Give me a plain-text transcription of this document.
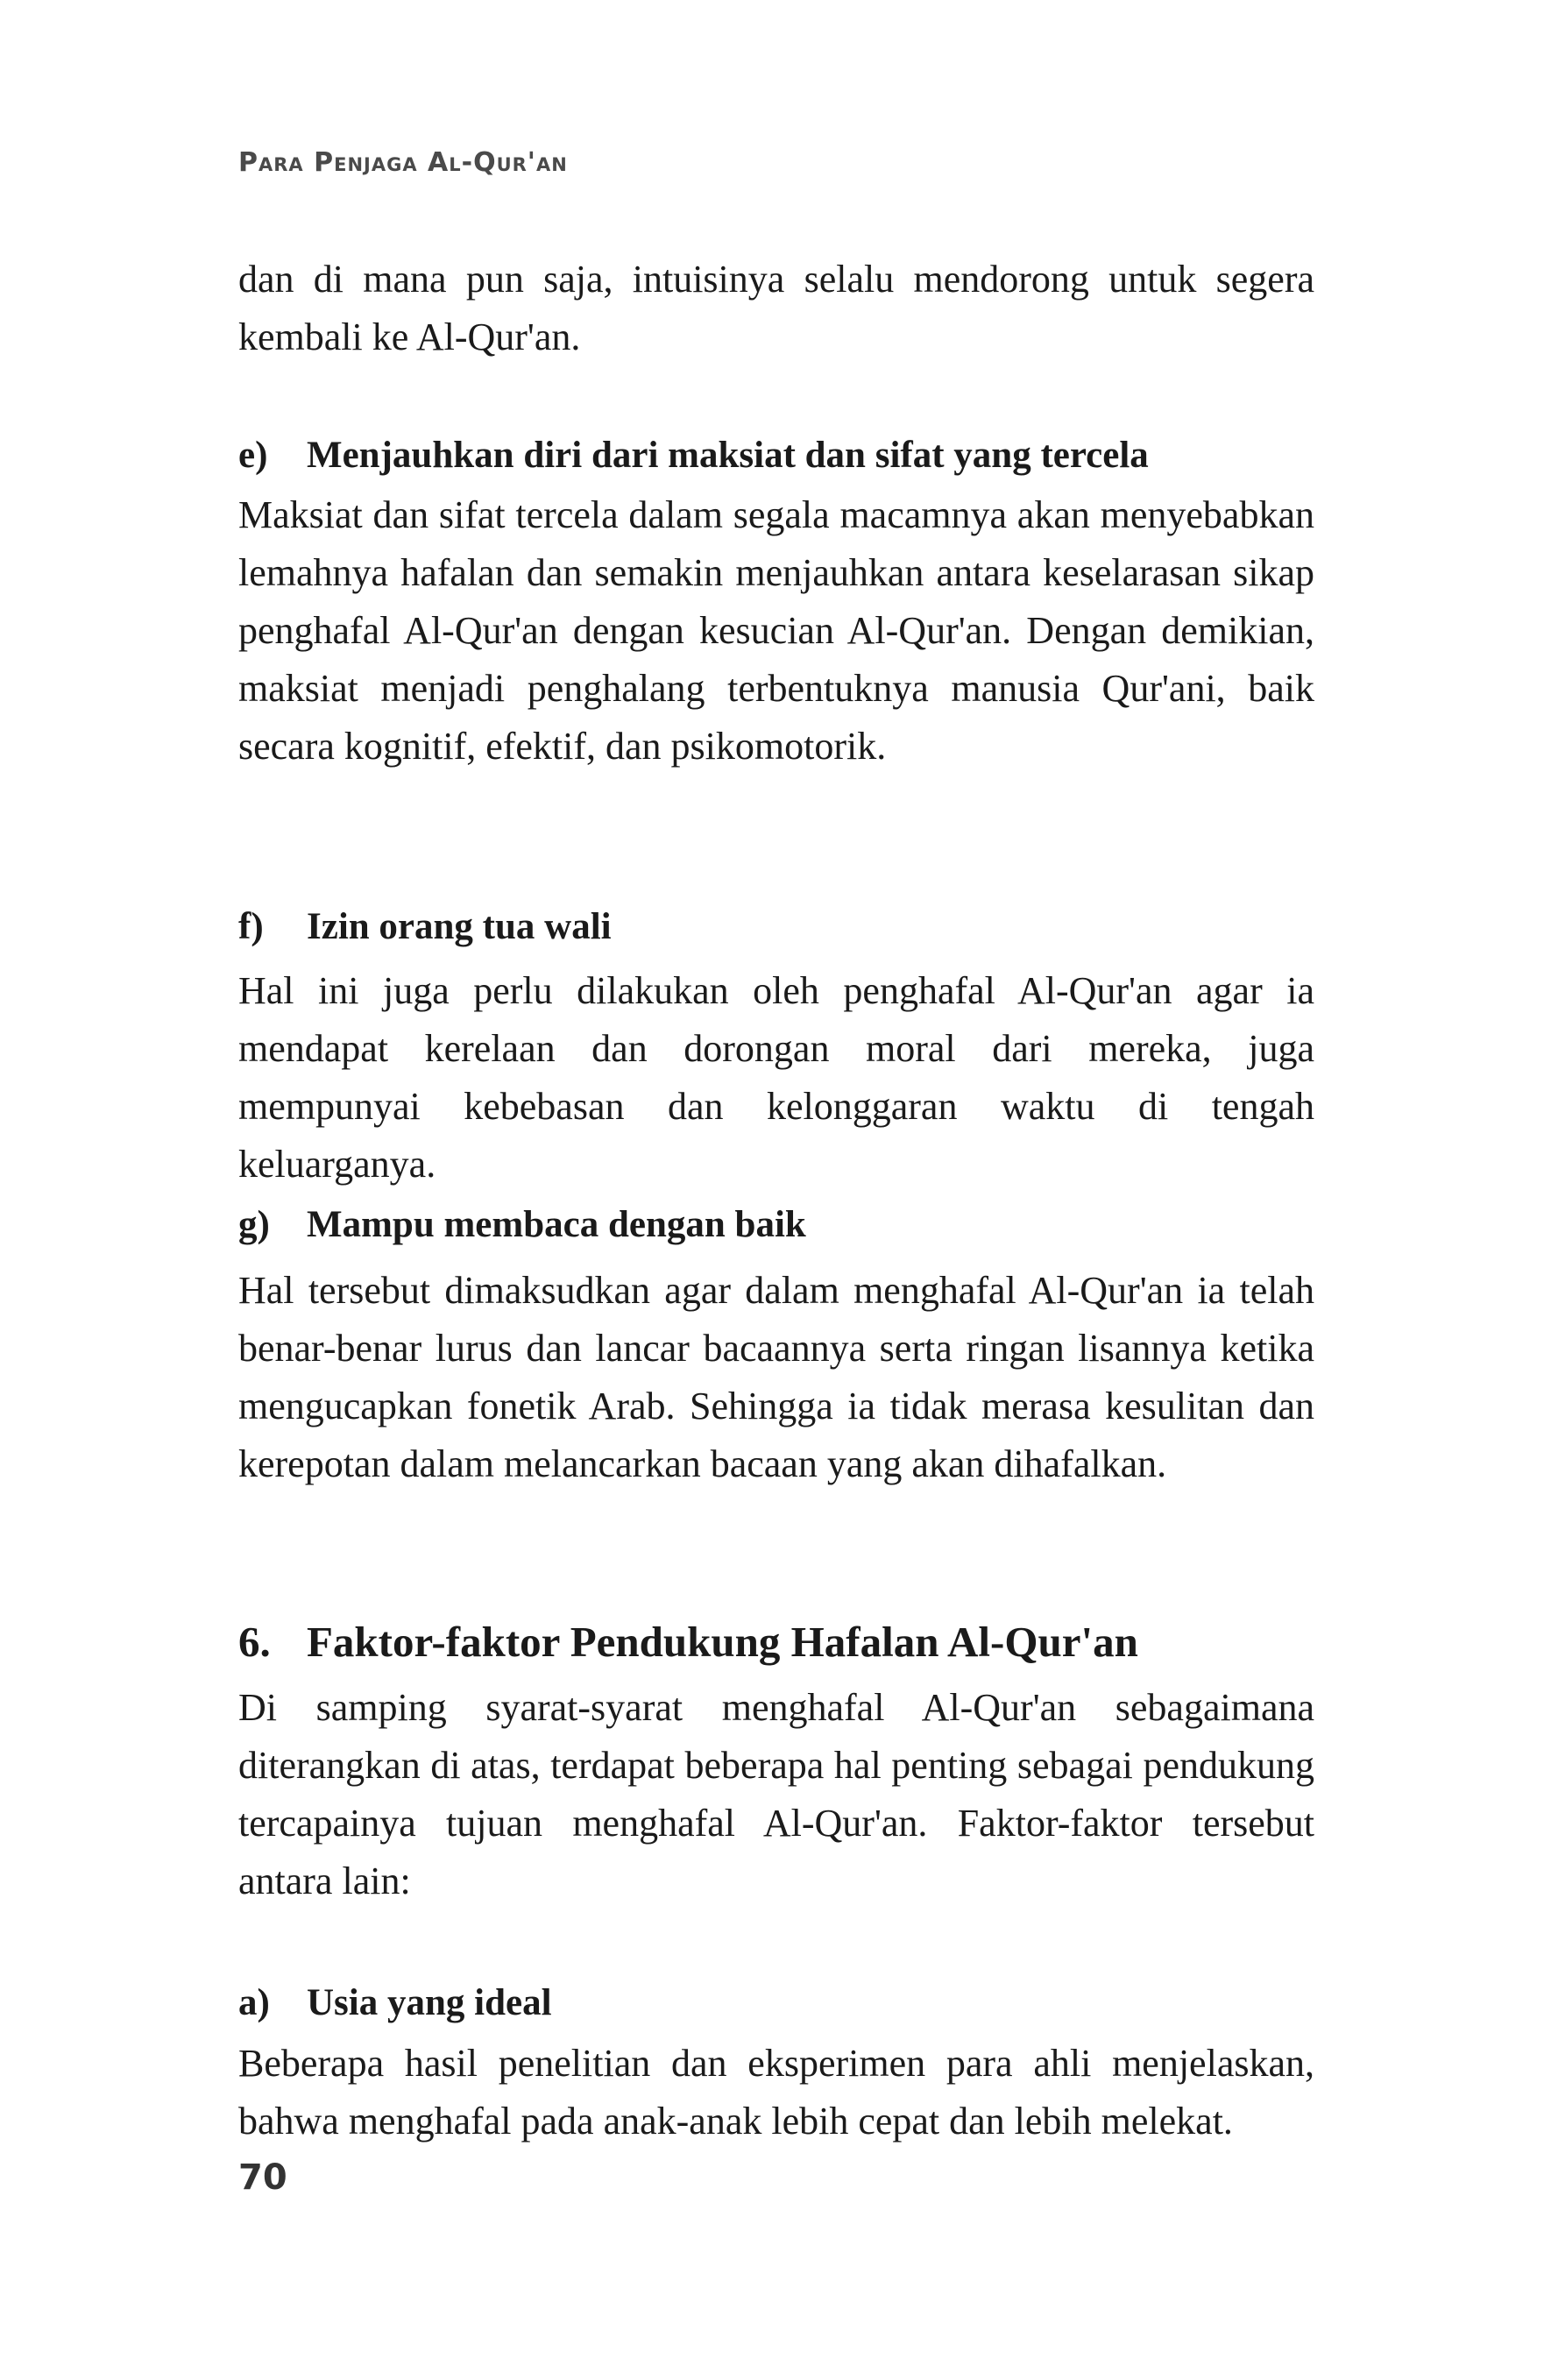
Para Penjaga Al-Qur'an

dan di mana pun saja, intuisinya selalu mendorong untuk segera kembali ke Al-Qur'an.

e) Menjauhkan diri dari maksiat dan sifat yang tercela

Maksiat dan sifat tercela dalam segala macamnya akan menyebabkan lemahnya hafalan dan semakin menjauhkan antara keselarasan sikap penghafal Al-Qur'an dengan kesucian Al-Qur'an. Dengan demikian, maksiat menjadi penghalang terbentuknya manusia Qur'ani, baik secara kognitif, efektif, dan psikomotorik.

f) Izin orang tua wali

Hal ini juga perlu dilakukan oleh penghafal Al-Qur'an agar ia mendapat kerelaan dan dorongan moral dari mereka, juga mempunyai kebebasan dan kelonggaran waktu di tengah keluarganya.

g) Mampu membaca dengan baik

Hal tersebut dimaksudkan agar dalam menghafal Al-Qur'an ia telah benar-benar lurus dan lancar bacaannya serta ringan lisannya ketika mengucapkan fonetik Arab. Sehingga ia tidak merasa kesulitan dan kerepotan dalam melancarkan bacaan yang akan dihafalkan.

6. Faktor-faktor Pendukung Hafalan Al-Qur'an

Di samping syarat-syarat menghafal Al-Qur'an sebagaimana diterangkan di atas, terdapat beberapa hal penting sebagai pendukung tercapainya tujuan menghafal Al-Qur'an. Faktor-faktor tersebut antara lain:

a) Usia yang ideal

Beberapa hasil penelitian dan eksperimen para ahli menjelaskan, bahwa menghafal pada anak-anak lebih cepat dan lebih melekat.

70
